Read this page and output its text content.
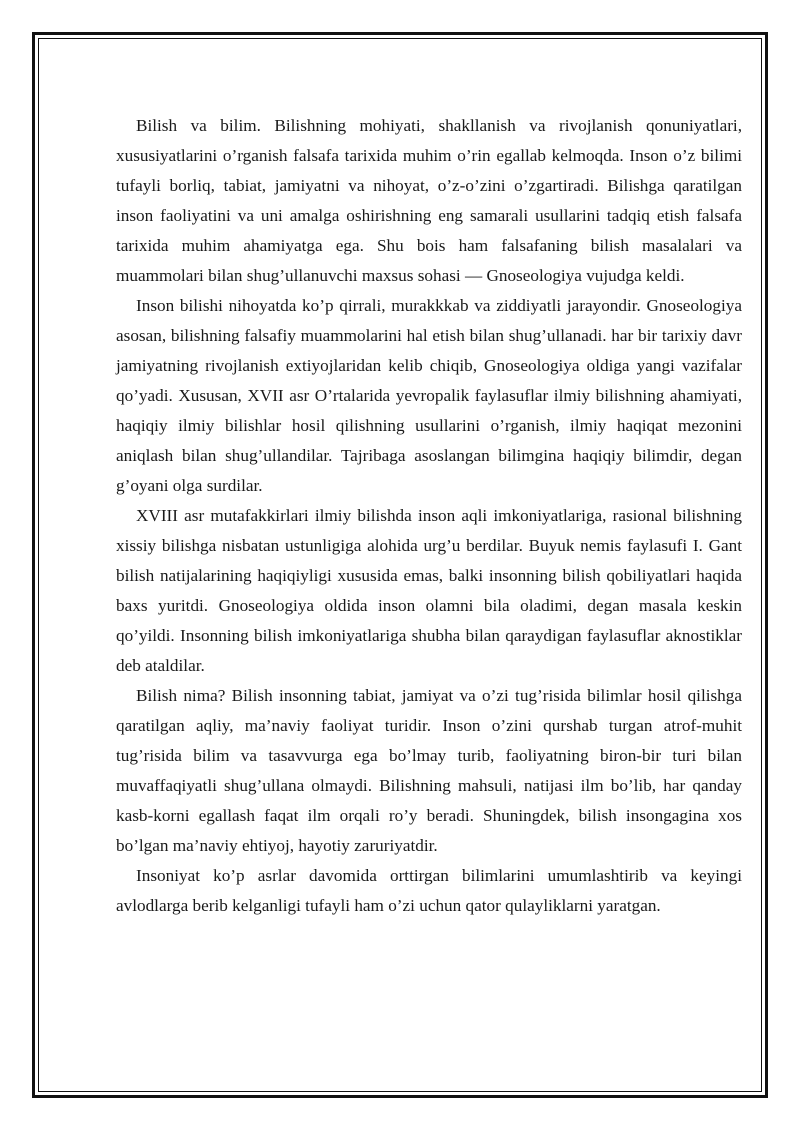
Bilish va bilim. Bilishning mohiyati, shakllanish va rivojlanish qonuniyatlari, xususiyatlarini o’rganish falsafa tarixida muhim o’rin egallab kelmoqda. Inson o’z bilimi tufayli borliq, tabiat, jamiyatni va nihoyat, o’z-o’zini o’zgartiradi. Bilishga qaratilgan inson faoliyatini va uni amalga oshirishning eng samarali usullarini tadqiq etish falsafa tarixida muhim ahamiyatga ega. Shu bois ham falsafaning bilish masalalari va muammolari bilan shug’ullanuvchi maxsus sohasi — Gnoseologiya vujudga keldi.

Inson bilishi nihoyatda ko’p qirrali, murakkkab va ziddiyatli jarayondir. Gnoseologiya asosan, bilishning falsafiy muammolarini hal etish bilan shug’ullanadi. har bir tarixiy davr jamiyatning rivojlanish extiyojlaridan kelib chiqib, Gnoseologiya oldiga yangi vazifalar qo’yadi. Xususan, XVII asr O’rtalarida yevropalik faylasuflar ilmiy bilishning ahamiyati, haqiqiy ilmiy bilishlar hosil qilishning usullarini o’rganish, ilmiy haqiqat mezonini aniqlash bilan shug’ullandilar. Tajribaga asoslangan bilimgina haqiqiy bilimdir, degan g’oyani olga surdilar.

XVIII asr mutafakkirlari ilmiy bilishda inson aqli imkoniyatlariga, rasional bilishning xissiy bilishga nisbatan ustunligiga alohida urg’u berdilar. Buyuk nemis faylasufi I. Gant bilish natijalarining haqiqiyligi xususida emas, balki insonning bilish qobiliyatlari haqida baxs yuritdi. Gnoseologiya oldida inson olamni bila oladimi, degan masala keskin qo’yildi. Insonning bilish imkoniyatlariga shubha bilan qaraydigan faylasuflar aknostiklar deb ataldilar.

Bilish nima? Bilish insonning tabiat, jamiyat va o’zi tug’risida bilimlar hosil qilishga qaratilgan aqliy, ma’naviy faoliyat turidir. Inson o’zini qurshab turgan atrof-muhit tug’risida bilim va tasavvurga ega bo’lmay turib, faoliyatning biron-bir turi bilan muvaffaqiyatli shug’ullana olmaydi. Bilishning mahsuli, natijasi ilm bo’lib, har qanday kasb-korni egallash faqat ilm orqali ro’y beradi. Shuningdek, bilish insongagina xos bo’lgan ma’naviy ehtiyoj, hayotiy zaruriyatdir.

Insoniyat ko’p asrlar davomida orttirgan bilimlarini umumlashtirib va keyingi avlodlarga berib kelganligi tufayli ham o’zi uchun qator qulayliklarni yaratgan.
